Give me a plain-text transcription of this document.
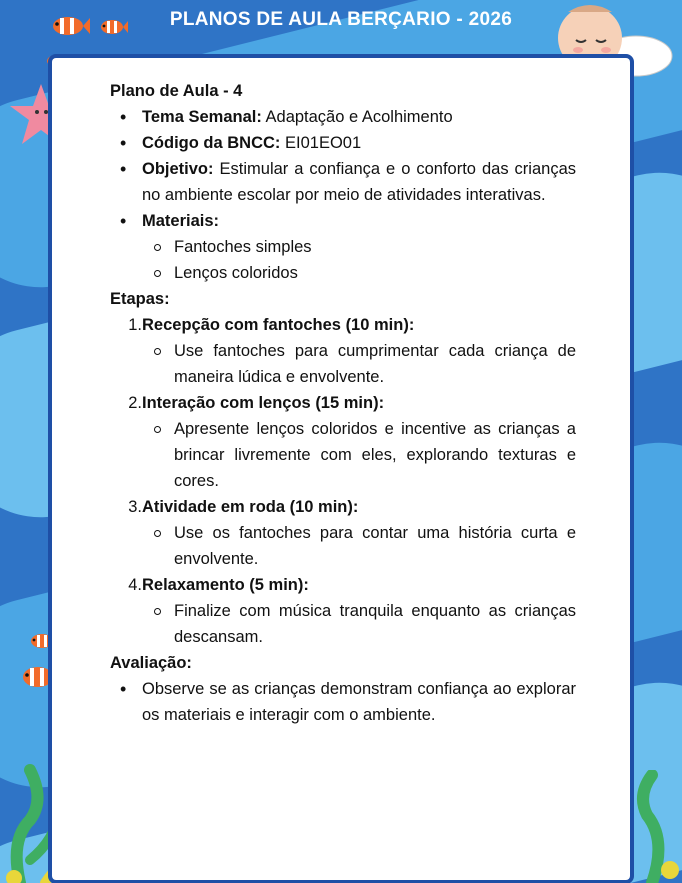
PLANOS DE AULA BERÇARIO - 2026

Plano de Aula - 4

• Tema Semanal: Adaptação e Acolhimento
• Código da BNCC: EI01EO01
• Objetivo: Estimular a confiança e o conforto das crianças no ambiente escolar por meio de atividades interativas.
• Materiais:
Fantoches simples
Lenços coloridos

Etapas:

1. Recepção com fantoches (10 min):
Use fantoches para cumprimentar cada criança de maneira lúdica e envolvente.
2. Interação com lenços (15 min):
Apresente lenços coloridos e incentive as crianças a brincar livremente com eles, explorando texturas e cores.
3. Atividade em roda (10 min):
Use os fantoches para contar uma história curta e envolvente.
4. Relaxamento (5 min):
Finalize com música tranquila enquanto as crianças descansam.

Avaliação:

• Observe se as crianças demonstram confiança ao explorar os materiais e interagir com o ambiente.
